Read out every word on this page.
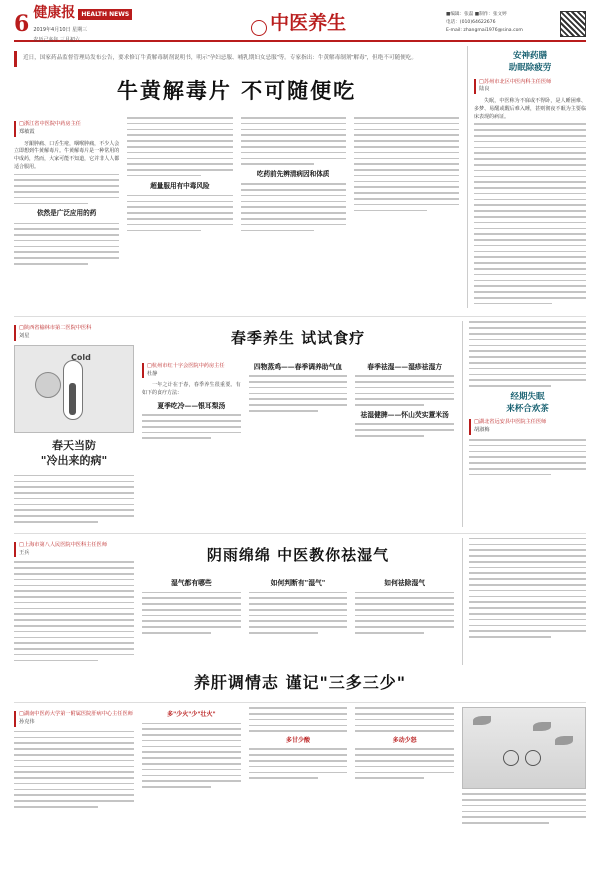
6 健康报	HEALTH NEWS
2019年4月10日 星期三
农历己亥年 三月初六
中医养生	■编辑：张磊 ■制作：张文婷
电话：(010)64622676
E-mail: zhangmai1976@sina.com
近日，国家药品监督管理局发布公告，要求修订牛黄解毒制剂说明书，明示"孕妇忌服、哺乳期妇女忌服"等。专家指出：牛黄解毒制剂"解毒"，但绝不可随便吃。
牛黄解毒片 不可随便吃
□浙江省中医院中药房主任
郑敏霞
牙龈肿痛、口舌生疮，咽喉肿痛，不少人会立即想到牛黄解毒片。牛黄解毒片是一种常用的中成药，然而，大家可能不知道，它并非人人都适合服用。
依然是广泛应用的药
超量服用有中毒风险
吃药前先辨清病因和体质
安神药膳
助眠除疲劳
□苏州市北区中医内科主任医师
陆良
失眠，中医称为不寐或不得卧，是人睡困难、多梦、易醒或醒后难入睡，甚则彻夜不眠为主要临床表现的病证。
□陕西省榆林市第二医院中医科
刘星
Cold
春天当防
"冷出来的病"
春季养生 试试食疗
□杭州市红十字会医院中药房主任
杜静
一年之计在于春，春季养生很重要。有如下的食疗方法：
夏季吃冷——银耳梨汤
四物蒸鸡——春季调养助气血	春季祛湿——湿疹祛湿方
祛湿健脾——怀山芡实薏米汤
经期失眠
来杯合欢茶
□湖北省远安县中医院主任医师
胡淑梅
□上海市第八人民医院中医科主任医师
王兵	阴雨绵绵 中医教你祛湿气
湿气都有哪些	如何判断有"湿气"	如何祛除湿气
养肝调情志 谨记"三多三少"
□湖南中医药大学第一附属医院肝病中心主任医师
孙克伟
多"少火"少"壮火"
多甘少酸	多动少怒
